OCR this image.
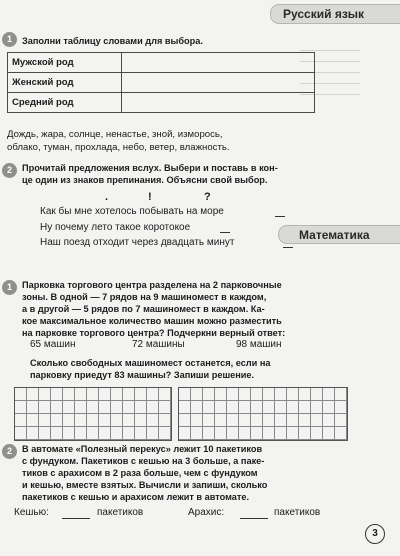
Русский язык
1	Заполни таблицу словами для выбора.
Мужской род	
Женский род	
Средний род	
Дождь, жара, солнце, ненастье, зной, изморось,
облако, туман, прохлада, небо, ветер, влажность.
2	Прочитай предложения вслух. Выбери и поставь в кон-
це один из знаков препинания. Объясни свой выбор.
.	!	?
Как бы мне хотелось побывать на море
Ну почему лето такое коротокое
Наш поезд отходит через двадцать минут
Математика
1	Парковка торгового центра разделена на 2 парковочные
зоны. В одной — 7 рядов на 9 машиномест в каждом,
а в другой — 5 рядов по 7 машиномест в каждом. Ка-
кое максимальное количество машин можно разместить
на парковке торгового центра? Подчеркни верный ответ:
65 машин	72 машины	98 машин
Сколько свободных машиномест останется, если на
парковку приедут 83 машины? Запиши решение.
2	В автомате «Полезный перекус» лежит 10 пакетиков
с фундуком. Пакетиков с кешью на 3 больше, а паке-
тиков с арахисом в 2 раза больше, чем с фундуком
и кешью, вместе взятых. Вычисли и запиши, сколько
пакетиков с кешью и арахисом лежит в автомате.
Кешью:	пакетиков	Арахис:	пакетиков
3
